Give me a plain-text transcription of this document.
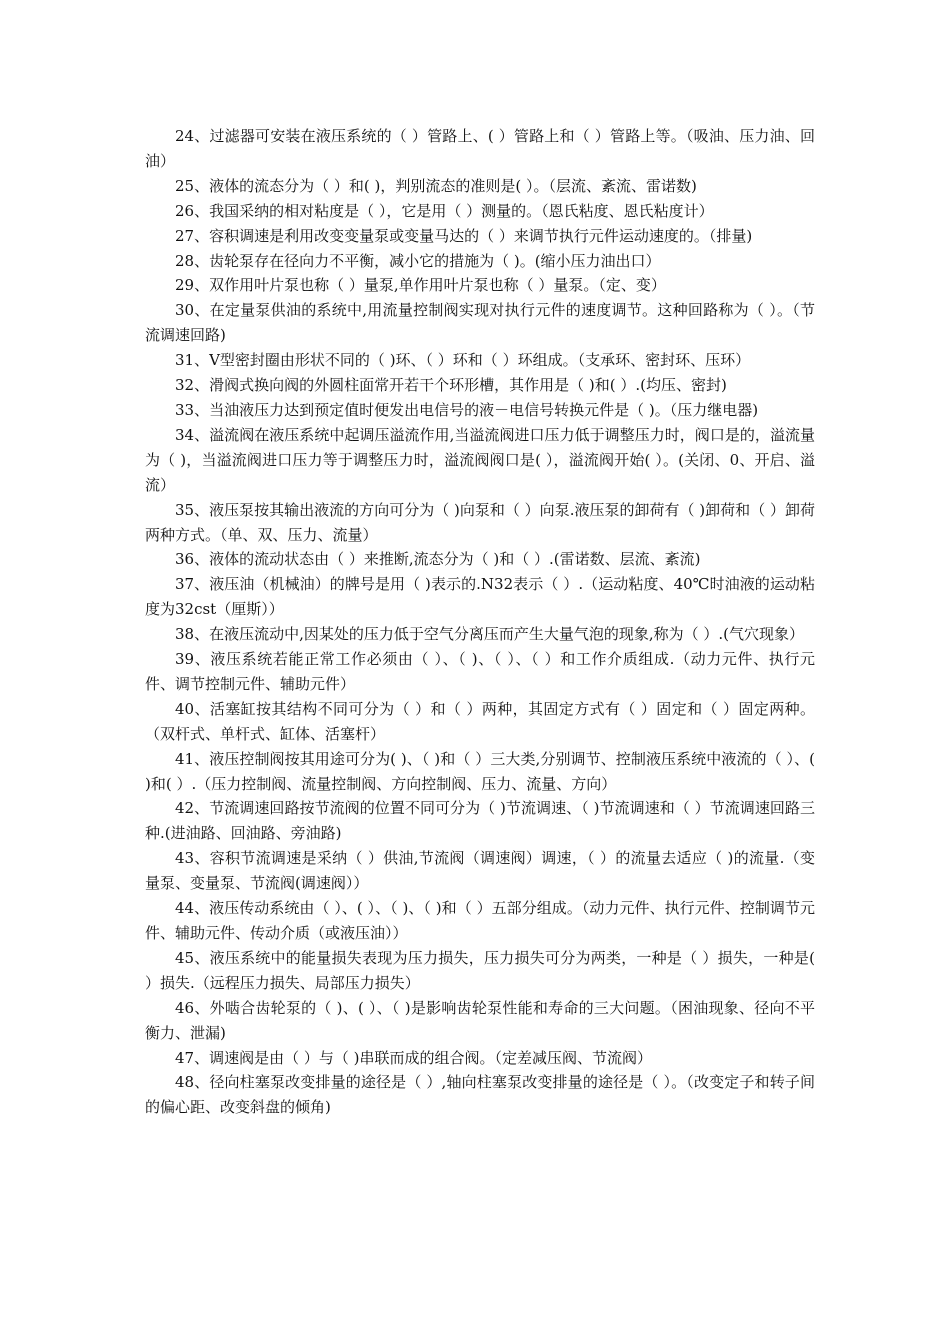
24、过滤器可安装在液压系统的（ ）管路上、( ）管路上和（ ）管路上等。（吸油、压力油、回油）

25、液体的流态分为（ ）和( )，判别流态的准则是( ）。（层流、紊流、雷诺数)

26、我国采纳的相对粘度是（ ），它是用（ ）测量的。（恩氏粘度、恩氏粘度计）

27、容积调速是利用改变变量泵或变量马达的（ ）来调节执行元件运动速度的。（排量)

28、齿轮泵存在径向力不平衡，减小它的措施为（ )。(缩小压力油出口）

29、双作用叶片泵也称（ ）量泵,单作用叶片泵也称（ ）量泵。（定、变）

30、在定量泵供油的系统中,用流量控制阀实现对执行元件的速度调节。这种回路称为（ ）。（节流调速回路)

31、V型密封圈由形状不同的（ )环、（ ）环和（ ）环组成。（支承环、密封环、压环）

32、滑阀式换向阀的外圆柱面常开若干个环形槽，其作用是（ )和( ）.(均压、密封)

33、当油液压力达到预定值时便发出电信号的液－电信号转换元件是（ )。（压力继电器)

34、溢流阀在液压系统中起调压溢流作用,当溢流阀进口压力低于调整压力时，阀口是的，溢流量为（ )，当溢流阀进口压力等于调整压力时，溢流阀阀口是( ），溢流阀开始( ）。(关闭、0、开启、溢流）

35、液压泵按其输出液流的方向可分为（ )向泵和（ ）向泵.液压泵的卸荷有（ )卸荷和（ ）卸荷两种方式。（单、双、压力、流量）

36、液体的流动状态由（ ）来推断,流态分为（ )和（ ）.(雷诺数、层流、紊流)

37、液压油（机械油）的牌号是用（ )表示的.N32表示（ ）.（运动粘度、40℃时油液的运动粘度为32cst（厘斯））

38、在液压流动中,因某处的压力低于空气分离压而产生大量气泡的现象,称为（ ）.(气穴现象）

39、液压系统若能正常工作必须由（ ）、（ )、（ ）、（ ）和工作介质组成.（动力元件、执行元件、调节控制元件、辅助元件）

40、活塞缸按其结构不同可分为（ ）和（ ）两种，其固定方式有（ ）固定和（ ）固定两种。（双杆式、单杆式、缸体、活塞杆）

41、液压控制阀按其用途可分为( )、（ )和（ ）三大类,分别调节、控制液压系统中液流的（ ）、( )和( ）.（压力控制阀、流量控制阀、方向控制阀、压力、流量、方向）

42、节流调速回路按节流阀的位置不同可分为（ )节流调速、（ )节流调速和（ ）节流调速回路三种.(进油路、回油路、旁油路)

43、容积节流调速是采纳（ ）供油,节流阀（调速阀）调速，（ ）的流量去适应（ )的流量.（变量泵、变量泵、节流阀(调速阀））

44、液压传动系统由（ ）、( ）、（ )、（ )和（ ）五部分组成。（动力元件、执行元件、控制调节元件、辅助元件、传动介质（或液压油））

45、液压系统中的能量损失表现为压力损失，压力损失可分为两类，一种是（ ）损失，一种是( ）损失.（远程压力损失、局部压力损失）

46、外啮合齿轮泵的（ )、( ）、（ )是影响齿轮泵性能和寿命的三大问题。（困油现象、径向不平衡力、泄漏)

47、调速阀是由（ ）与（ )串联而成的组合阀。（定差减压阀、节流阀）

48、径向柱塞泵改变排量的途径是（ ）,轴向柱塞泵改变排量的途径是（ ）。（改变定子和转子间的偏心距、改变斜盘的倾角)
